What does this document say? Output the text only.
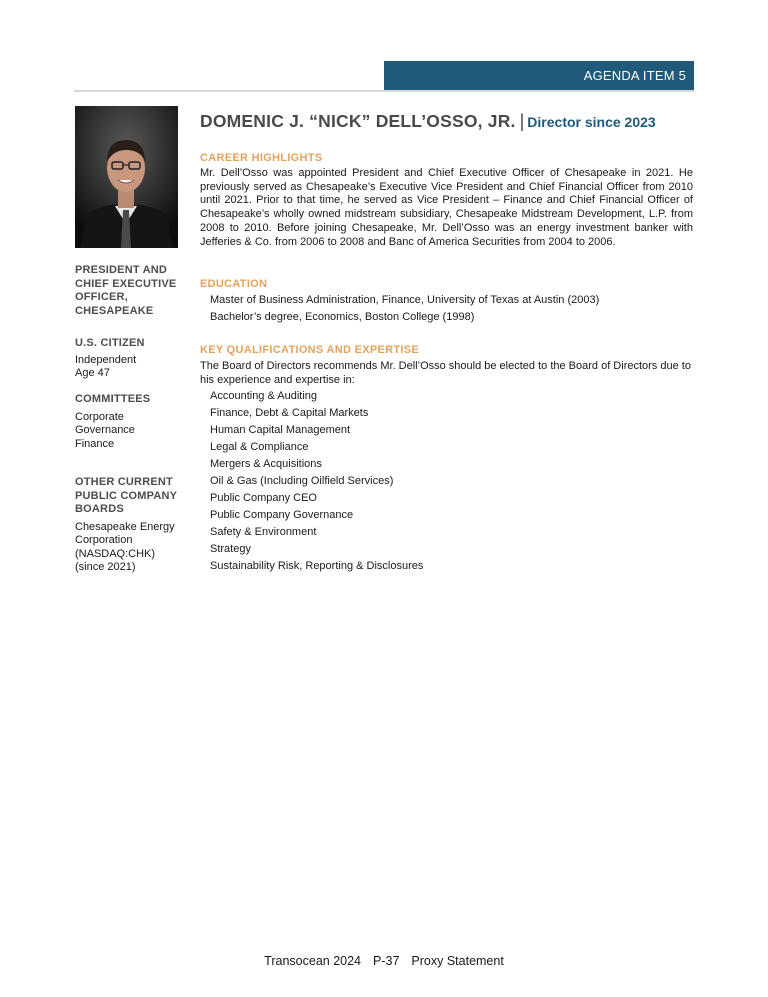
AGENDA ITEM 5
PRESIDENT AND CHIEF EXECUTIVE OFFICER, CHESAPEAKE
U.S. CITIZEN
Independent
Age 47
COMMITTEES
Corporate Governance
Finance
OTHER CURRENT PUBLIC COMPANY BOARDS
Chesapeake Energy Corporation (NASDAQ:CHK) (since 2021)
DOMENIC J. “NICK” DELL’OSSO, JR. | Director since 2023
CAREER HIGHLIGHTS
Mr. Dell’Osso was appointed President and Chief Executive Officer of Chesapeake in 2021. He previously served as Chesapeake’s Executive Vice President and Chief Financial Officer from 2010 until 2021. Prior to that time, he served as Vice President – Finance and Chief Financial Officer of Chesapeake’s wholly owned midstream subsidiary, Chesapeake Midstream Development, L.P. from 2008 to 2010. Before joining Chesapeake, Mr. Dell’Osso was an energy investment banker with Jefferies & Co. from 2006 to 2008 and Banc of America Securities from 2004 to 2006.
EDUCATION
Master of Business Administration, Finance, University of Texas at Austin (2003)
Bachelor’s degree, Economics, Boston College (1998)
KEY QUALIFICATIONS AND EXPERTISE
The Board of Directors recommends Mr. Dell’Osso should be elected to the Board of Directors due to his experience and expertise in:
Accounting & Auditing
Finance, Debt & Capital Markets
Human Capital Management
Legal & Compliance
Mergers & Acquisitions
Oil & Gas (Including Oilfield Services)
Public Company CEO
Public Company Governance
Safety & Environment
Strategy
Sustainability Risk, Reporting & Disclosures
Transocean 2024 P-37 Proxy Statement
